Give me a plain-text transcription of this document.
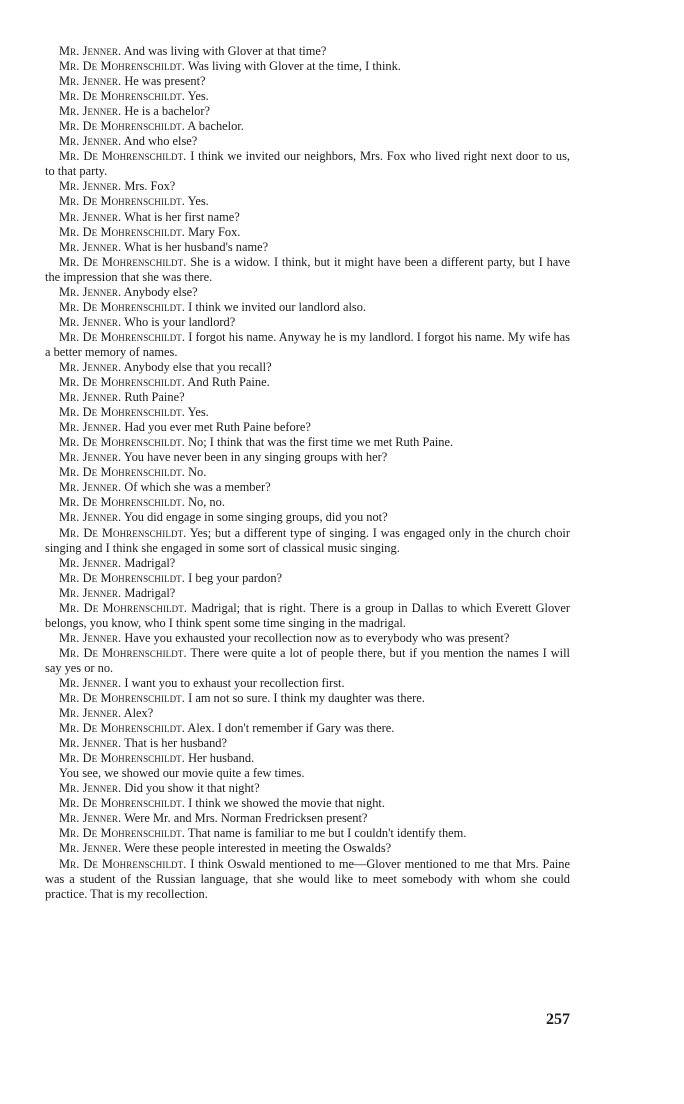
Mr. Jenner. And was living with Glover at that time?

Mr. De Mohrenschildt. Was living with Glover at the time, I think.

Mr. Jenner. He was present?

Mr. De Mohrenschildt. Yes.

Mr. Jenner. He is a bachelor?

Mr. De Mohrenschildt. A bachelor.

Mr. Jenner. And who else?

Mr. De Mohrenschildt. I think we invited our neighbors, Mrs. Fox who lived right next door to us, to that party.

Mr. Jenner. Mrs. Fox?

Mr. De Mohrenschildt. Yes.

Mr. Jenner. What is her first name?

Mr. De Mohrenschildt. Mary Fox.

Mr. Jenner. What is her husband's name?

Mr. De Mohrenschildt. She is a widow. I think, but it might have been a different party, but I have the impression that she was there.

Mr. Jenner. Anybody else?

Mr. De Mohrenschildt. I think we invited our landlord also.

Mr. Jenner. Who is your landlord?

Mr. De Mohrenschildt. I forgot his name. Anyway he is my landlord. I forgot his name. My wife has a better memory of names.

Mr. Jenner. Anybody else that you recall?

Mr. De Mohrenschildt. And Ruth Paine.

Mr. Jenner. Ruth Paine?

Mr. De Mohrenschildt. Yes.

Mr. Jenner. Had you ever met Ruth Paine before?

Mr. De Mohrenschildt. No; I think that was the first time we met Ruth Paine.

Mr. Jenner. You have never been in any singing groups with her?

Mr. De Mohrenschildt. No.

Mr. Jenner. Of which she was a member?

Mr. De Mohrenschildt. No, no.

Mr. Jenner. You did engage in some singing groups, did you not?

Mr. De Mohrenschildt. Yes; but a different type of singing. I was engaged only in the church choir singing and I think she engaged in some sort of classical music singing.

Mr. Jenner. Madrigal?

Mr. De Mohrenschildt. I beg your pardon?

Mr. Jenner. Madrigal?

Mr. De Mohrenschildt. Madrigal; that is right. There is a group in Dallas to which Everett Glover belongs, you know, who I think spent some time singing in the madrigal.

Mr. Jenner. Have you exhausted your recollection now as to everybody who was present?

Mr. De Mohrenschildt. There were quite a lot of people there, but if you mention the names I will say yes or no.

Mr. Jenner. I want you to exhaust your recollection first.

Mr. De Mohrenschildt. I am not so sure. I think my daughter was there.

Mr. Jenner. Alex?

Mr. De Mohrenschildt. Alex. I don't remember if Gary was there.

Mr. Jenner. That is her husband?

Mr. De Mohrenschildt. Her husband.

You see, we showed our movie quite a few times.

Mr. Jenner. Did you show it that night?

Mr. De Mohrenschildt. I think we showed the movie that night.

Mr. Jenner. Were Mr. and Mrs. Norman Fredricksen present?

Mr. De Mohrenschildt. That name is familiar to me but I couldn't identify them.

Mr. Jenner. Were these people interested in meeting the Oswalds?

Mr. De Mohrenschildt. I think Oswald mentioned to me—Glover mentioned to me that Mrs. Paine was a student of the Russian language, that she would like to meet somebody with whom she could practice. That is my recollection.

257
